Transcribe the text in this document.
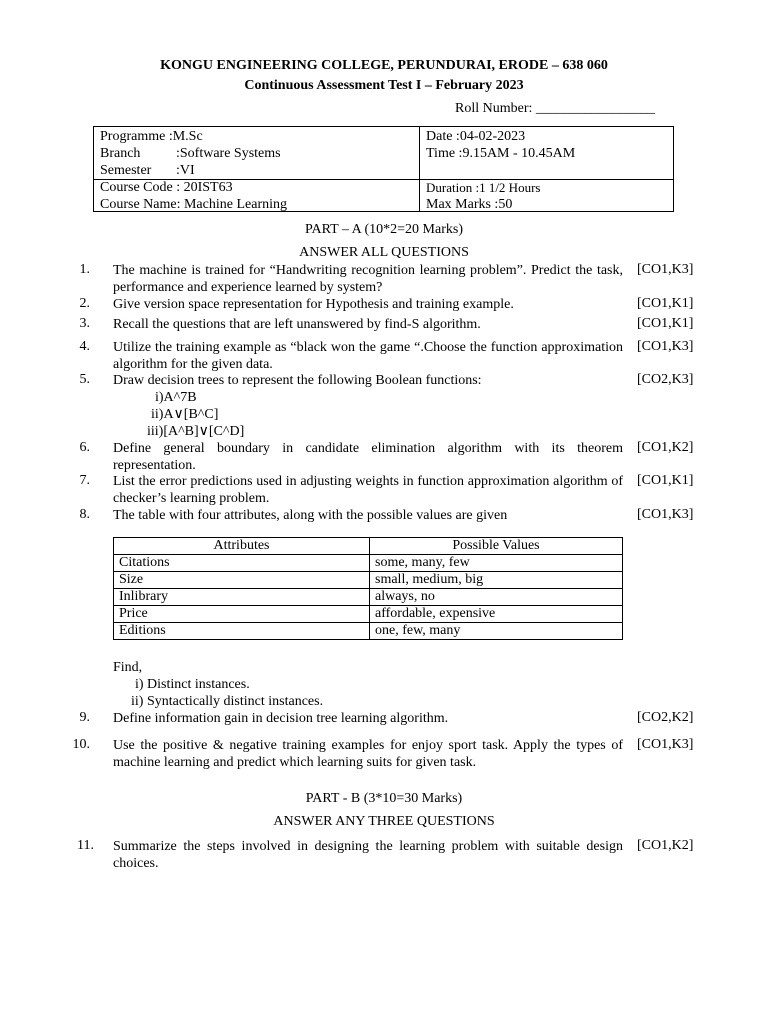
KONGU ENGINEERING COLLEGE, PERUNDURAI, ERODE – 638 060
Continuous Assessment Test I – February 2023
Roll Number: _________________
Programme :M.Sc
Branch	:Software Systems
Semester :VI
Date :04-02-2023
Time :9.15AM - 10.45AM
Course Code : 20IST63
Course Name: Machine Learning
Duration :1 1/2 Hours
Max Marks :50
PART – A (10*2=20 Marks)
ANSWER ALL QUESTIONS
1. The machine is trained for “Handwriting recognition learning problem”. Predict the task, performance and experience learned by system?
[CO1,K3]
2. Give version space representation for Hypothesis and training example.	[CO1,K1]
3. Recall the questions that are left unanswered by find-S algorithm.	[CO1,K1]
4. Utilize the training example as “black won the game “.Choose the function approximation algorithm for the given data.
[CO1,K3]
5. Draw decision trees to represent the following Boolean functions:	[CO2,K3]
i)A^7B
ii)A∨[B^C]
iii)[A^B]∨[C^D]
6. Define general boundary in candidate elimination algorithm with its theorem representation.
[CO1,K2]
7. List the error predictions used in adjusting weights in function approximation algorithm of checker’s learning problem.
[CO1,K1]
8. The table with four attributes, along with the possible values are given	[CO1,K3]
Attributes	Possible Values
Citations	some, many, few
Size	small, medium, big
Inlibrary	always, no
Price	affordable, expensive
Editions	one, few, many
Find,
i) Distinct instances.
ii) Syntactically distinct instances.
9. Define information gain in decision tree learning algorithm.	[CO2,K2]
10. Use the positive & negative training examples for enjoy sport task. Apply the types of machine learning and predict which learning suits for given task.
[CO1,K3]
PART - B (3*10=30 Marks)
ANSWER ANY THREE QUESTIONS
11. Summarize the steps involved in designing the learning problem with suitable design choices.
[CO1,K2]
